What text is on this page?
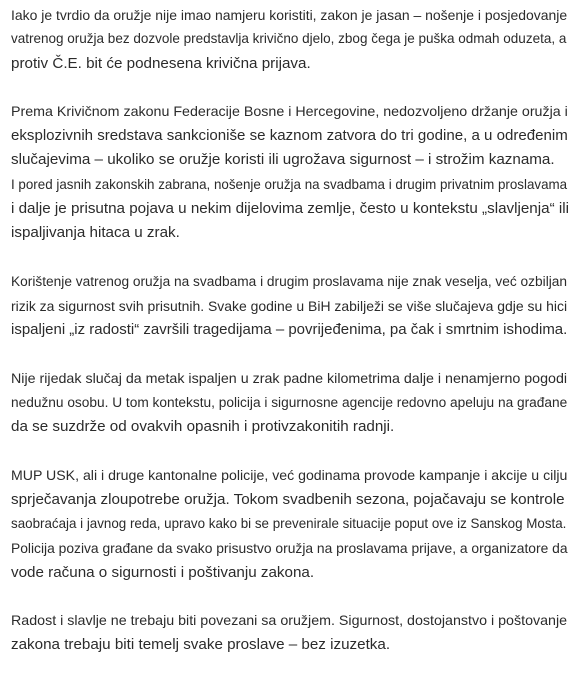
Iako je tvrdio da oružje nije imao namjeru koristiti, zakon je jasan – nošenje i posjedovanje
vatrenog oružja bez dozvole predstavlja krivično djelo, zbog čega je puška odmah oduzeta, a
protiv Č.E. bit će podnesena krivična prijava.

Prema Krivičnom zakonu Federacije Bosne i Hercegovine, nedozvoljeno držanje oružja i
eksplozivnih sredstava sankcioniše se kaznom zatvora do tri godine, a u određenim
slučajevima – ukoliko se oružje koristi ili ugrožava sigurnost – i strožim kaznama.
I pored jasnih zakonskih zabrana, nošenje oružja na svadbama i drugim privatnim proslavama
i dalje je prisutna pojava u nekim dijelovima zemlje, često u kontekstu „slavljenja“ ili
ispaljivanja hitaca u zrak.

Korištenje vatrenog oružja na svadbama i drugim proslavama nije znak veselja, već ozbiljan
rizik za sigurnost svih prisutnih. Svake godine u BiH zabilježi se više slučajeva gdje su hici
ispaljeni „iz radosti“ završili tragedijama – povrijeđenima, pa čak i smrtnim ishodima.

Nije rijedak slučaj da metak ispaljen u zrak padne kilometrima dalje i nenamjerno pogodi
nedužnu osobu. U tom kontekstu, policija i sigurnosne agencije redovno apeluju na građane
da se suzdrže od ovakvih opasnih i protivzakonitih radnji.

MUP USK, ali i druge kantonalne policije, već godinama provode kampanje i akcije u cilju
sprječavanja zloupotrebe oružja. Tokom svadbenih sezona, pojačavaju se kontrole
saobraćaja i javnog reda, upravo kako bi se prevenirale situacije poput ove iz Sanskog Mosta.
Policija poziva građane da svako prisustvo oružja na proslavama prijave, a organizatore da
vode računa o sigurnosti i poštivanju zakona.

Radost i slavlje ne trebaju biti povezani sa oružjem. Sigurnost, dostojanstvo i poštovanje
zakona trebaju biti temelj svake proslave – bez izuzetka.
